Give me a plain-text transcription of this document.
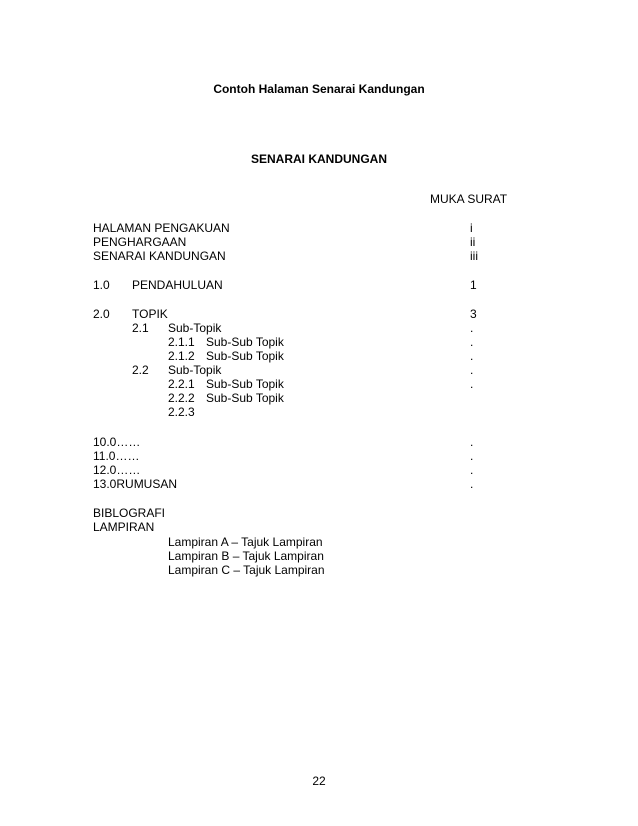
Contoh Halaman Senarai Kandungan
SENARAI KANDUNGAN
MUKA SURAT
HALAMAN PENGAKUAN	i
PENGHARGAAN	ii
SENARAI KANDUNGAN	iii
1.0 PENDAHULUAN	1
2.0 TOPIK	3
2.1 Sub-Topik	.
2.1.1 Sub-Sub Topik	.
2.1.2 Sub-Sub Topik	.
2.2 Sub-Topik	.
2.2.1 Sub-Sub Topik	.
2.2.2 Sub-Sub Topik
2.2.3
10.0……	.
11.0……	.
12.0……	.
13.0RUMUSAN	.
BIBLOGRAFI
LAMPIRAN
Lampiran A – Tajuk Lampiran
Lampiran B – Tajuk Lampiran
Lampiran C – Tajuk Lampiran
22
